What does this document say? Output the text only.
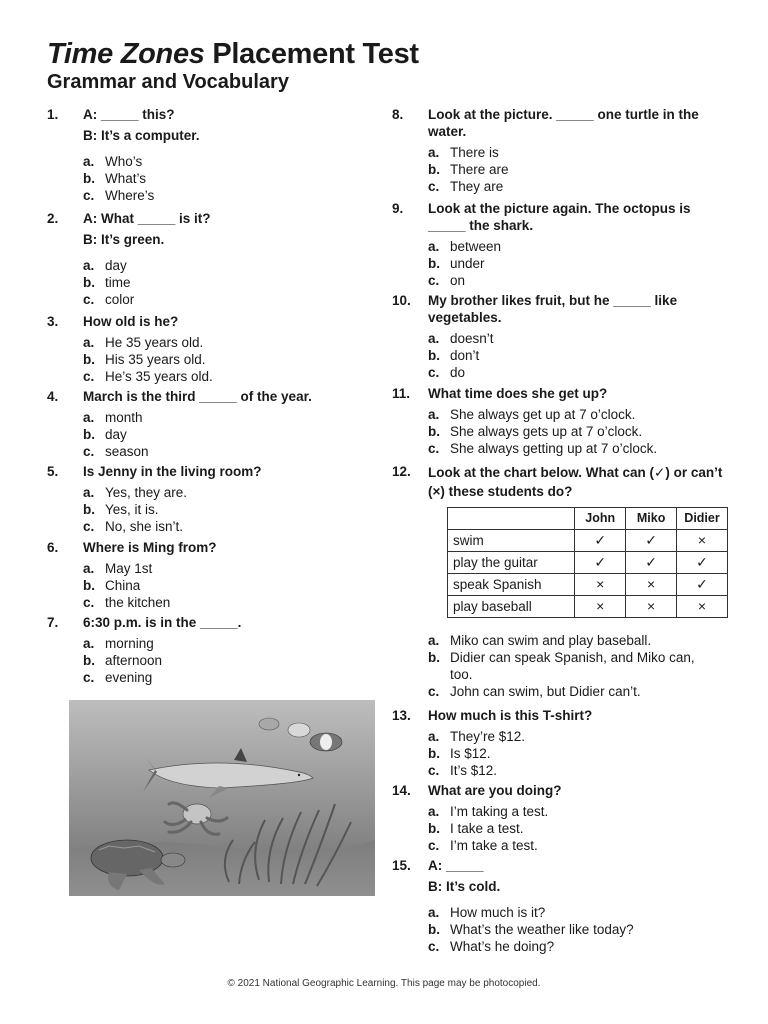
Time Zones Placement Test
Grammar and Vocabulary
1. A: _____ this?
B: It’s a computer.
a. Who’s
b. What’s
c. Where’s
2. A: What _____ is it?
B: It’s green.
a. day
b. time
c. color
3. How old is he?
a. He 35 years old.
b. His 35 years old.
c. He’s 35 years old.
4. March is the third _____ of the year.
a. month
b. day
c. season
5. Is Jenny in the living room?
a. Yes, they are.
b. Yes, it is.
c. No, she isn’t.
6. Where is Ming from?
a. May 1st
b. China
c. the kitchen
7. 6:30 p.m. is in the _____.
a. morning
b. afternoon
c. evening
8. Look at the picture. _____ one turtle in the water.
a. There is
b. There are
c. They are
9. Look at the picture again. The octopus is _____ the shark.
a. between
b. under
c. on
10. My brother likes fruit, but he _____ like vegetables.
a. doesn’t
b. don’t
c. do
11. What time does she get up?
a. She always get up at 7 o’clock.
b. She always gets up at 7 o’clock.
c. She always getting up at 7 o’clock.
12. Look at the chart below. What can (✓) or can’t (×) these students do?
	John	Miko	Didier
swim	✓	✓	×
play the guitar	✓	✓	✓
speak Spanish	×	×	✓
play baseball	×	×	×
a. Miko can swim and play baseball.
b. Didier can speak Spanish, and Miko can, too.
c. John can swim, but Didier can’t.
13. How much is this T-shirt?
a. They’re $12.
b. Is $12.
c. It’s $12.
14. What are you doing?
a. I’m taking a test.
b. I take a test.
c. I’m take a test.
15. A: _____
B: It’s cold.
a. How much is it?
b. What’s the weather like today?
c. What’s he doing?
© 2021 National Geographic Learning. This page may be photocopied.
